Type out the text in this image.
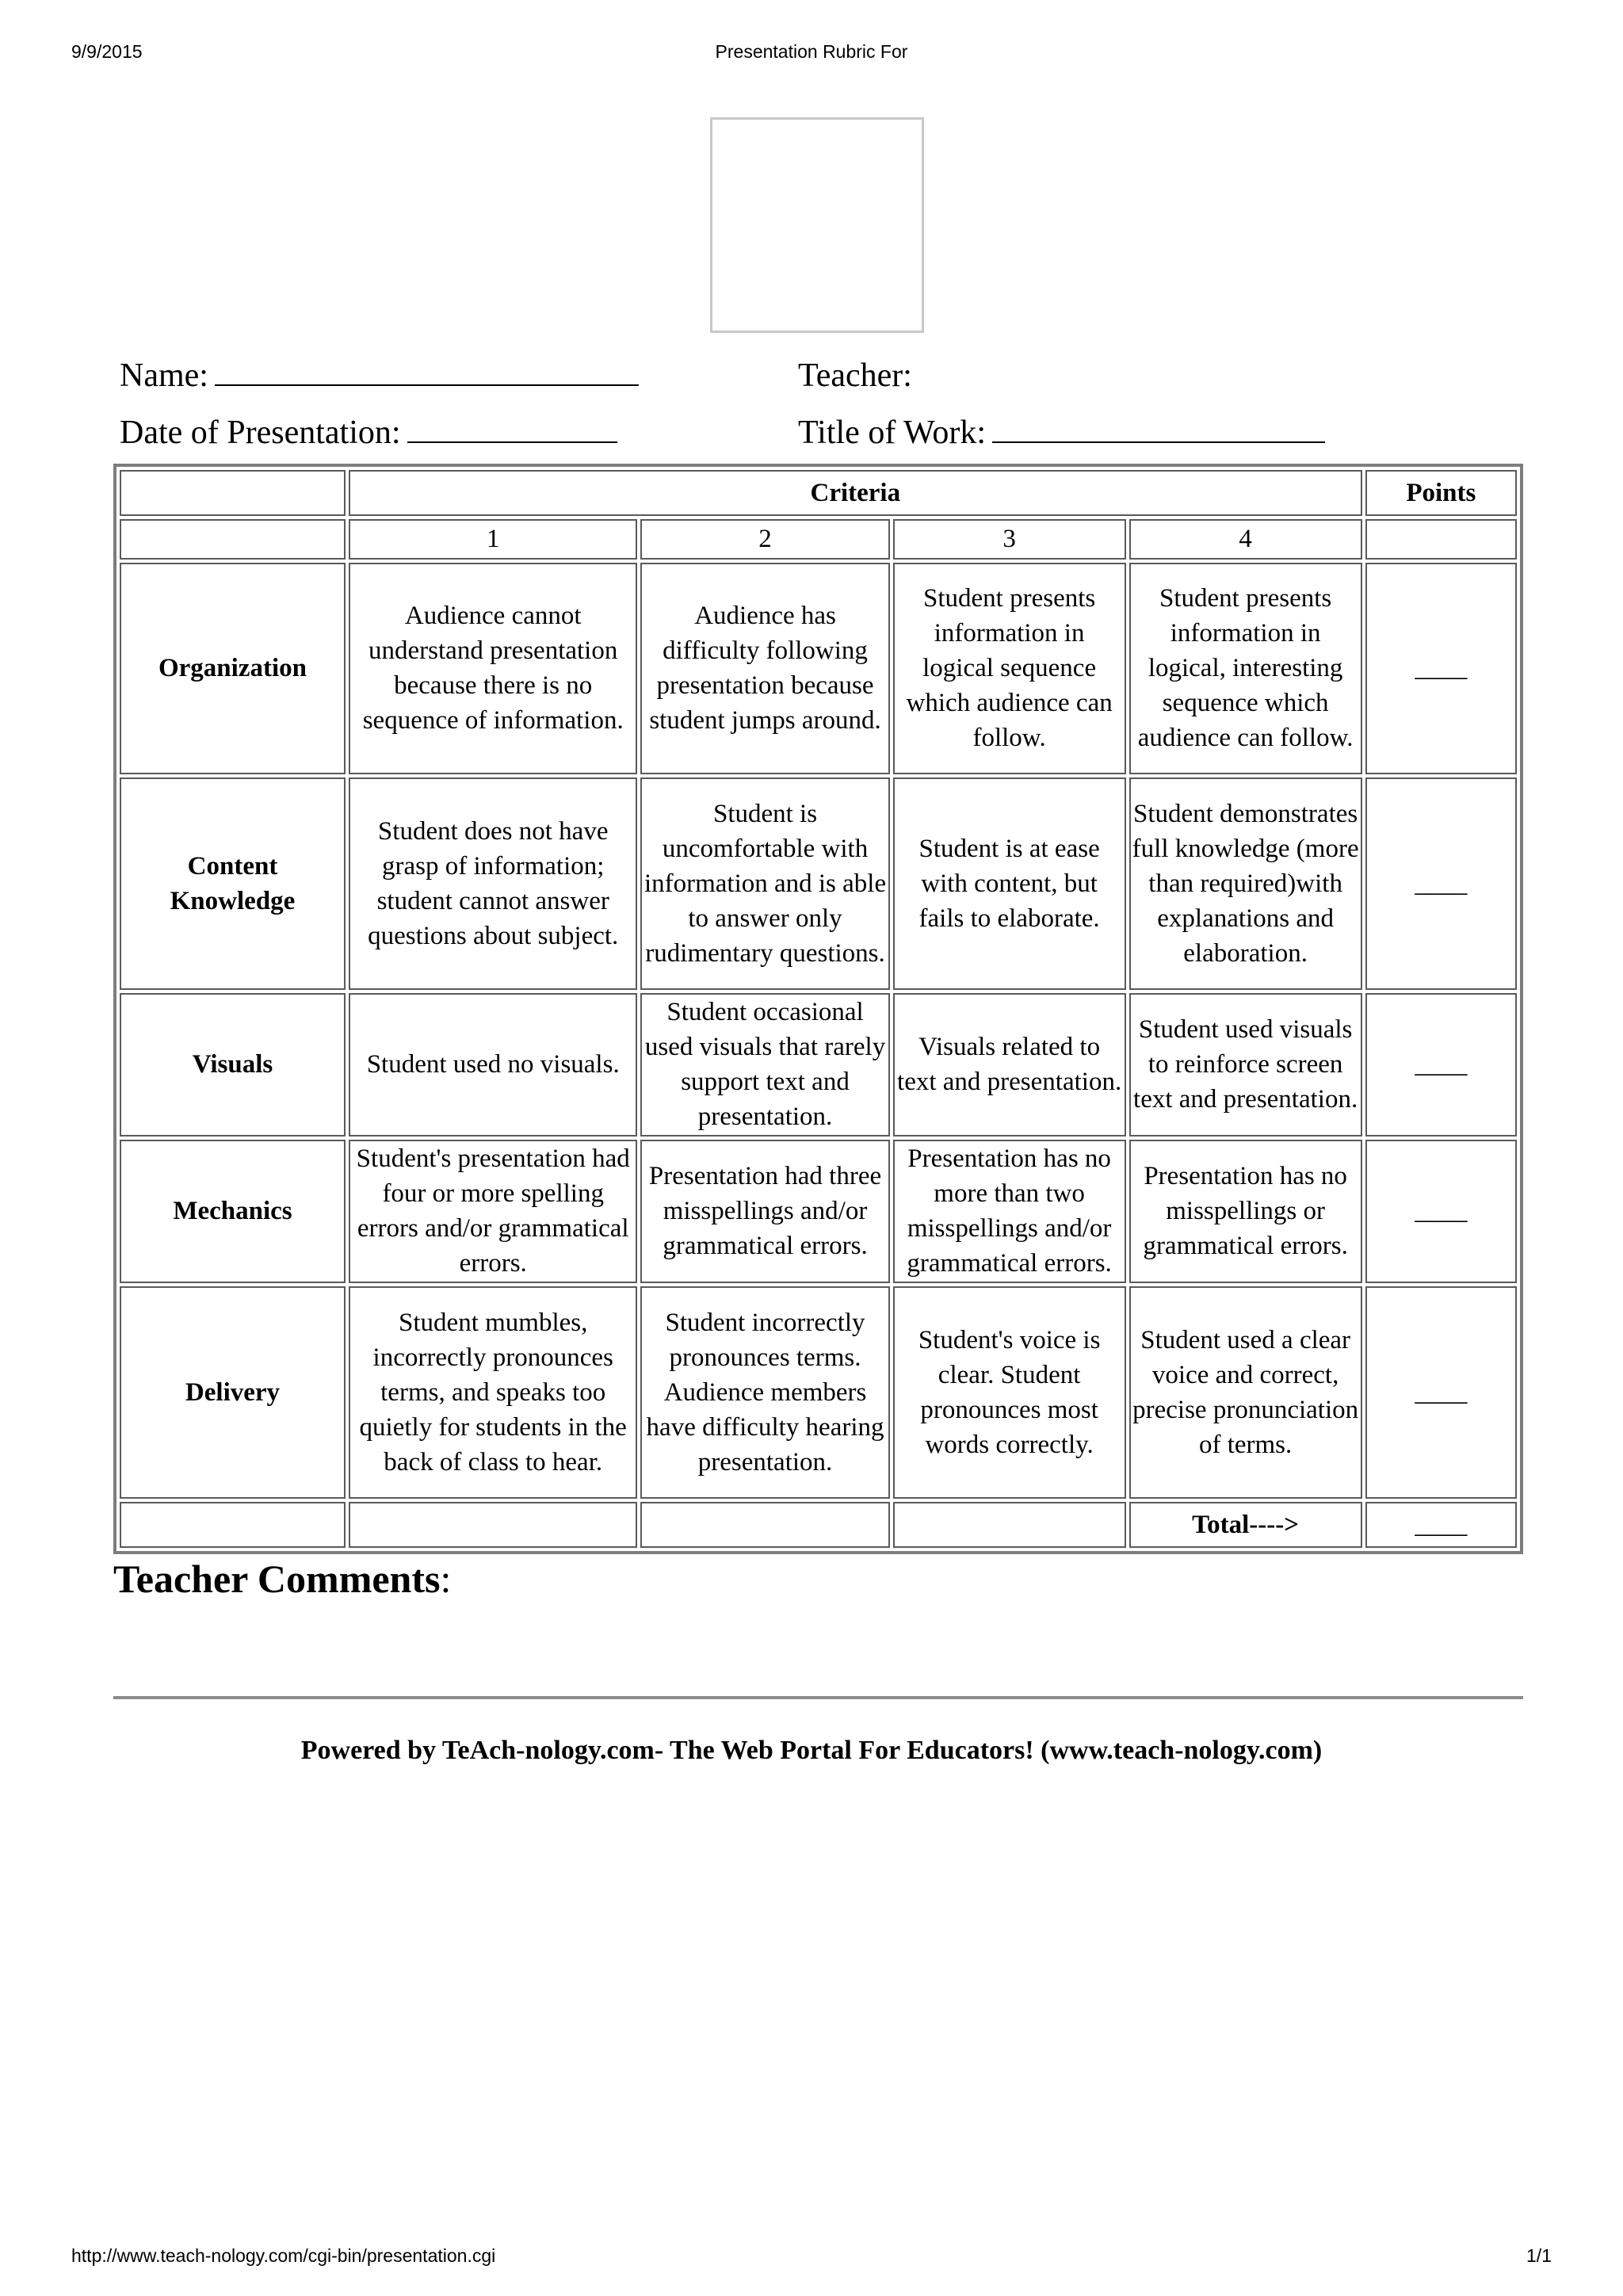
9/9/2015	Presentation Rubric For
Name:	Teacher:
Date of Presentation:	Title of Work:
	Criteria				Points
	1	2	3	4	
Organization	Audience cannot understand presentation because there is no sequence of information.	Audience has difficulty following presentation because student jumps around.	Student presents information in logical sequence which audience can follow.	Student presents information in logical, interesting sequence which audience can follow.	____
Content Knowledge	Student does not have grasp of information; student cannot answer questions about subject.	Student is uncomfortable with information and is able to answer only rudimentary questions.	Student is at ease with content, but fails to elaborate.	Student demonstrates full knowledge (more than required)with explanations and elaboration.	____
Visuals	Student used no visuals.	Student occasional used visuals that rarely support text and presentation.	Visuals related to text and presentation.	Student used visuals to reinforce screen text and presentation.	____
Mechanics	Student's presentation had four or more spelling errors and/or grammatical errors.	Presentation had three misspellings and/or grammatical errors.	Presentation has no more than two misspellings and/or grammatical errors.	Presentation has no misspellings or grammatical errors.	____
Delivery	Student mumbles, incorrectly pronounces terms, and speaks too quietly for students in the back of class to hear.	Student incorrectly pronounces terms. Audience members have difficulty hearing presentation.	Student's voice is clear. Student pronounces most words correctly.	Student used a clear voice and correct, precise pronunciation of terms.	____
				Total---->	____
Teacher Comments:
Powered by TeAch-nology.com- The Web Portal For Educators! (www.teach-nology.com)
http://www.teach-nology.com/cgi-bin/presentation.cgi	1/1
